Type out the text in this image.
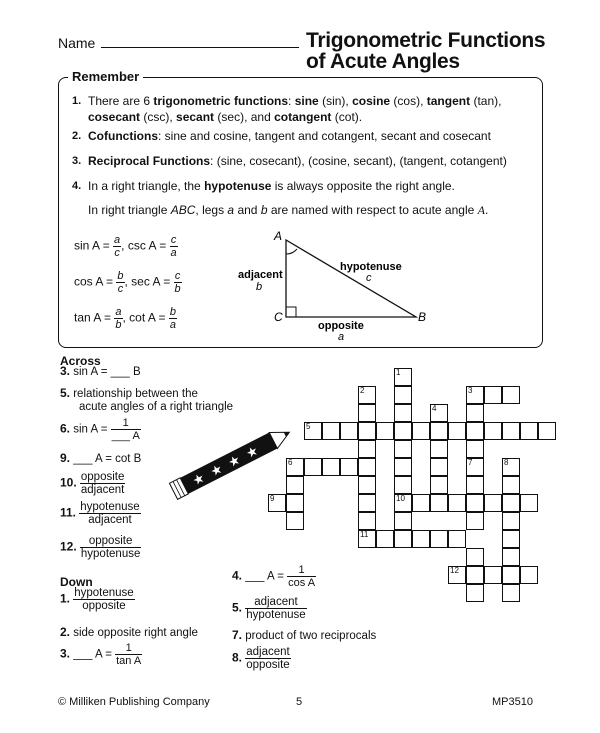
Name	Trigonometric Functions
of Acute Angles
Remember
1. There are 6 trigonometric functions: sine (sin), cosine (cos), tangent (tan),
cosecant (csc), secant (sec), and cotangent (cot).
2. Cofunctions: sine and cosine, tangent and cotangent, secant and cosecant
3. Reciprocal Functions: (sine, cosecant), (cosine, secant), (tangent, cotangent)
4. In a right triangle, the hypotenuse is always opposite the right angle.
In right triangle ABC, legs a and b are named with respect to acute angle A.
$\sin A = \frac{a}{c}$ , $\csc A = \frac{c}{a}$
$\cos A = \frac{b}{c}$ , $\sec A = \frac{c}{b}$
$\tan A = \frac{a}{b}$ , $\cot A = \frac{b}{a}$
A
B
C
adjacent
b
hypotenuse
c
opposite
a
Across
3. sin A = ___ B
5. relationship between the
acute angles of a right triangle
6. $\sin A = \frac{1}{\_\_\_ A}$
9. ___ A = cot B
10. $\frac{\text{opposite}}{\text{adjacent}}$
11. $\frac{\text{hypotenuse}}{\text{adjacent}}$
12. $\frac{\text{opposite}}{\text{hypotenuse}}$
Down
1. $\frac{\text{hypotenuse}}{\text{opposite}}$
2. side opposite right angle
3. ___ $A = \frac{1}{\text{tan A}}$
4. ___ $A = \frac{1}{\text{cos A}}$
5. $\frac{\text{adjacent}}{\text{hypotenuse}}$
7. product of two reciprocals
8. $\frac{\text{adjacent}}{\text{opposite}}$
★ ★ ★ ★
1
2	3
4
5
6	7	8
9	10
11
12
© Milliken Publishing Company	5	MP3510
